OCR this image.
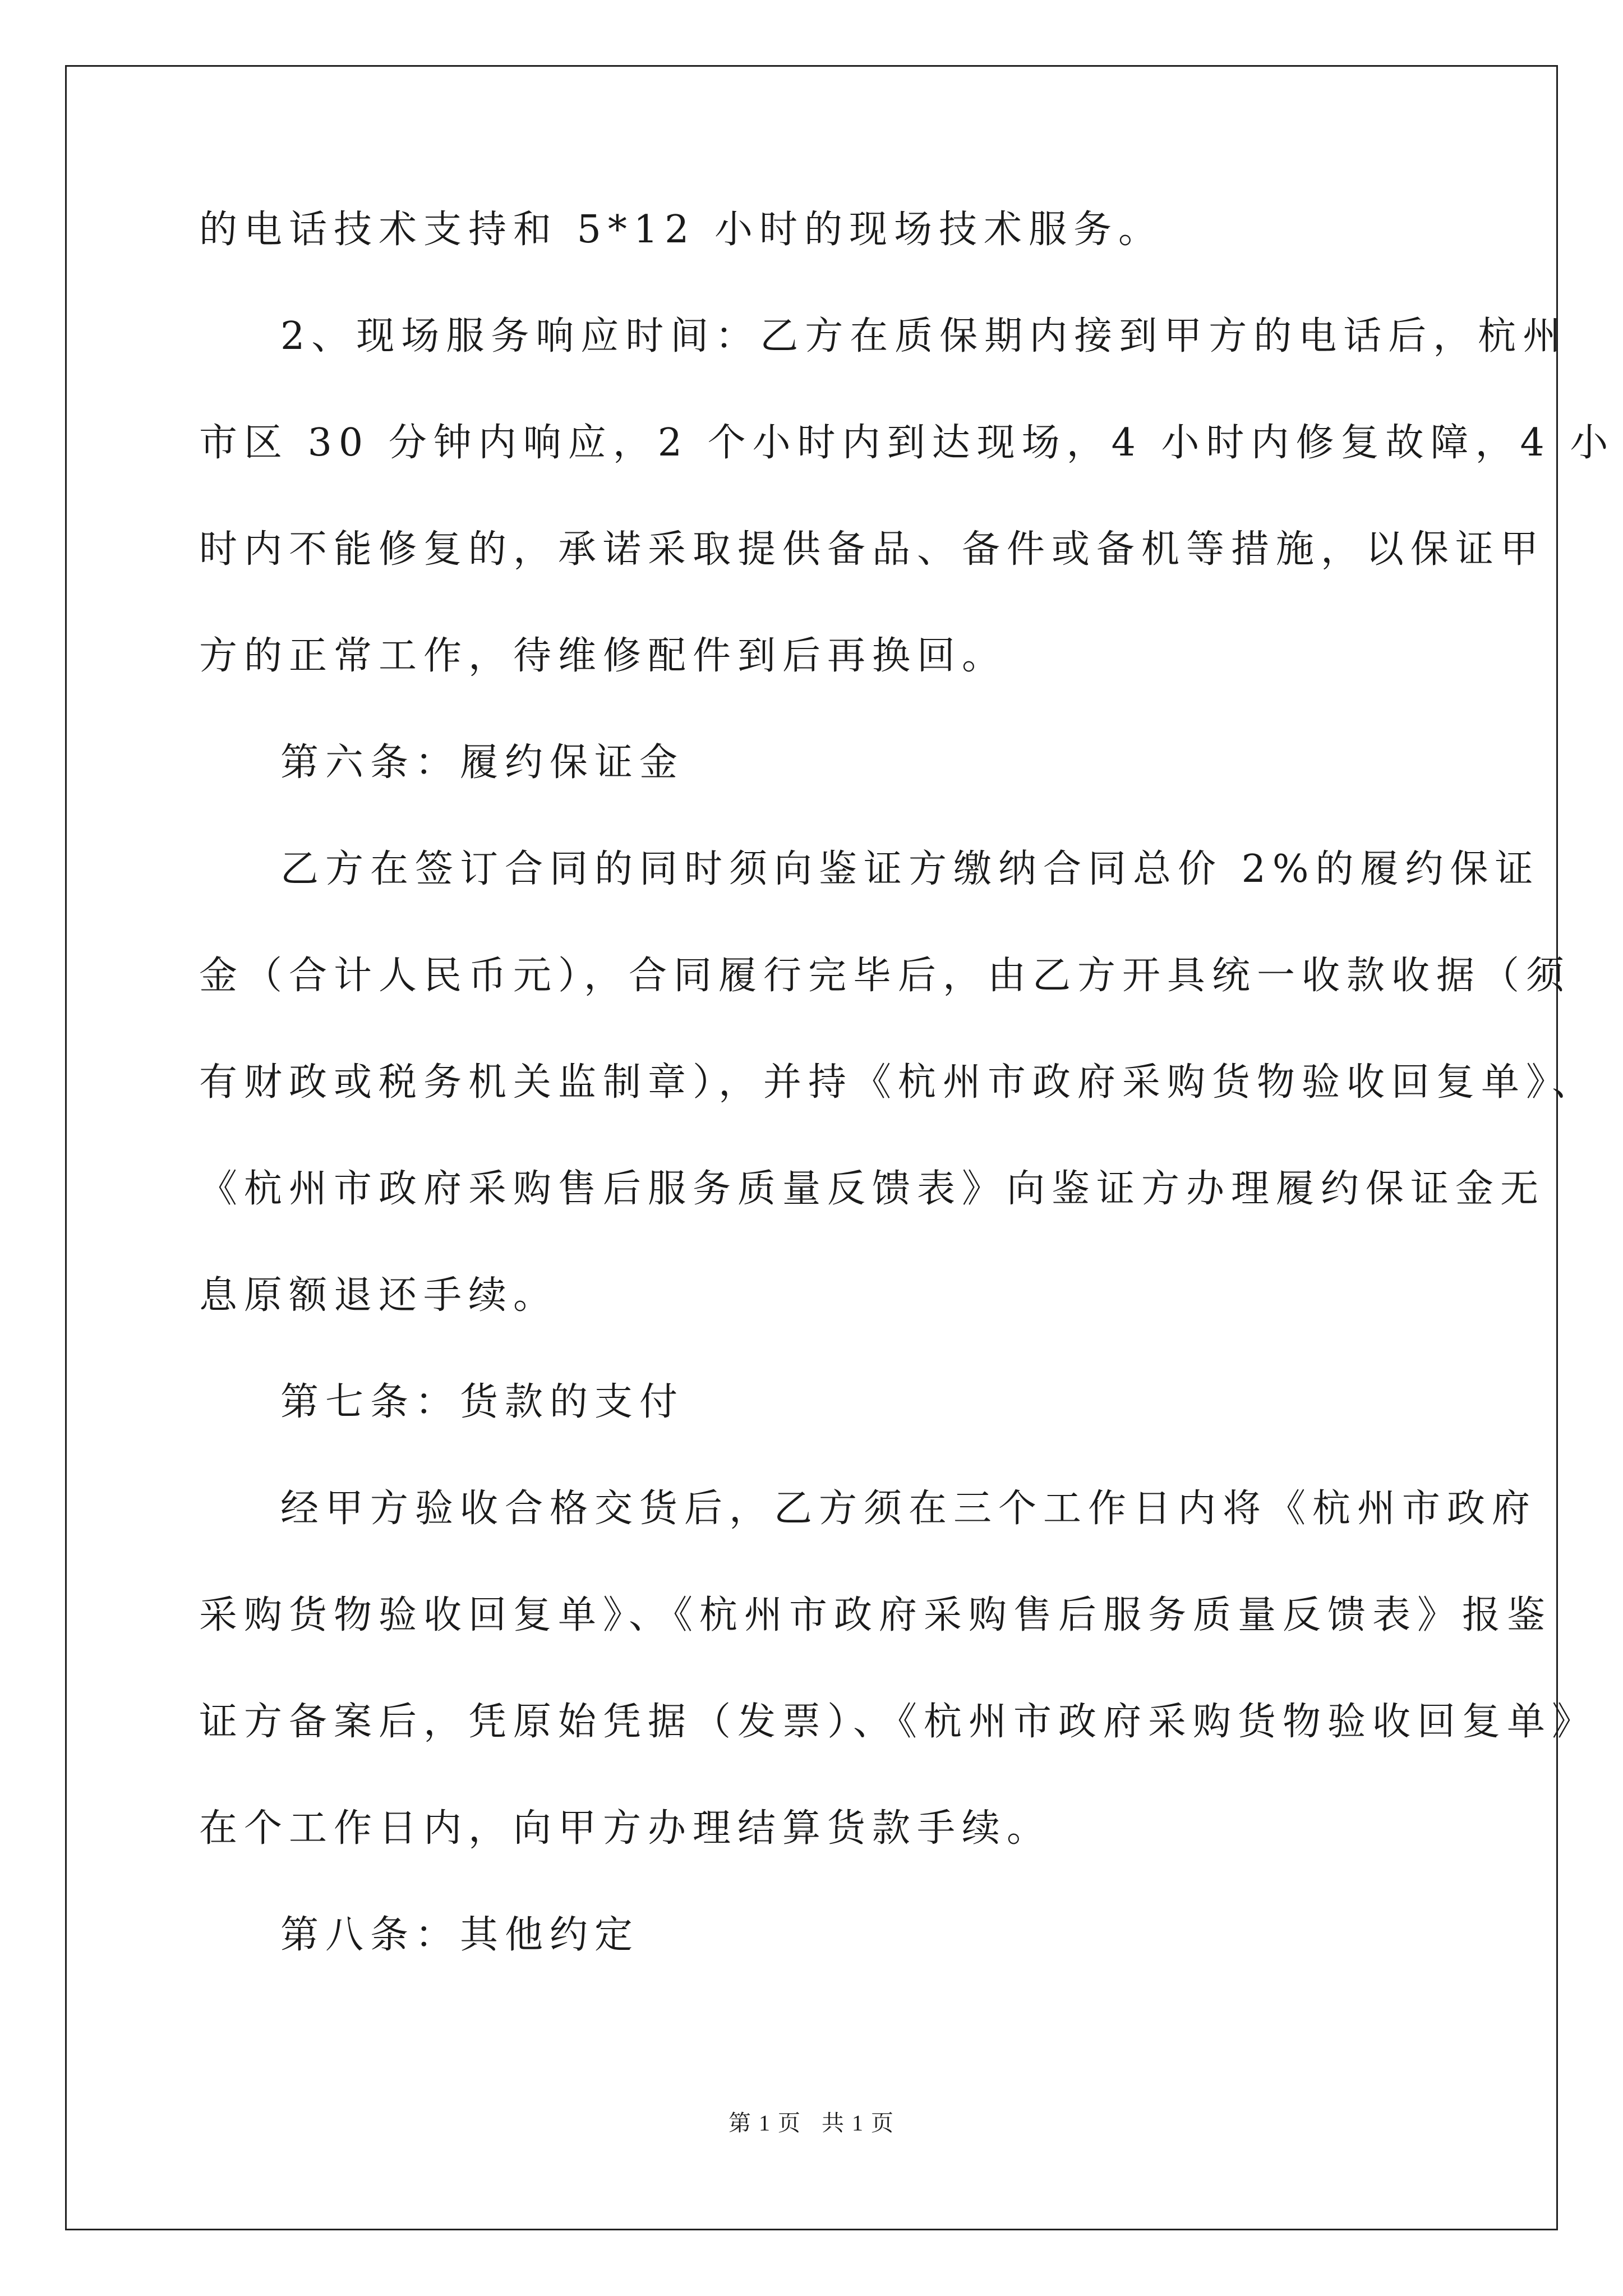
的电话技术支持和 5*12 小时的现场技术服务。
2、现场服务响应时间：乙方在质保期内接到甲方的电话后，杭州
市区 30 分钟内响应，2 个小时内到达现场，4 小时内修复故障，4 小
时内不能修复的，承诺采取提供备品、备件或备机等措施，以保证甲
方的正常工作，待维修配件到后再换回。
第六条：履约保证金
乙方在签订合同的同时须向鉴证方缴纳合同总价 2%的履约保证
金（合计人民币元），合同履行完毕后，由乙方开具统一收款收据（须
有财政或税务机关监制章），并持《杭州市政府采购货物验收回复单》、
《杭州市政府采购售后服务质量反馈表》向鉴证方办理履约保证金无
息原额退还手续。
第七条：货款的支付
经甲方验收合格交货后，乙方须在三个工作日内将《杭州市政府
采购货物验收回复单》、《杭州市政府采购售后服务质量反馈表》报鉴
证方备案后，凭原始凭据（发票）、《杭州市政府采购货物验收回复单》
在个工作日内，向甲方办理结算货款手续。
第八条：其他约定
第 1 页   共 1 页
